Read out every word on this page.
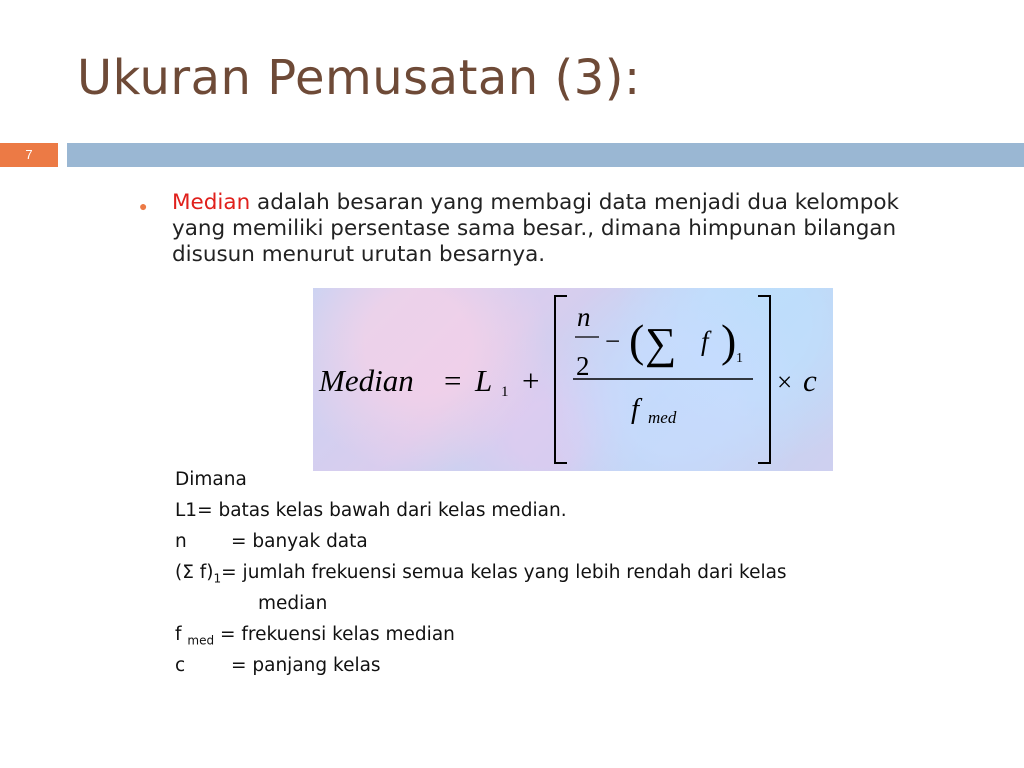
Ukuran Pemusatan (3):
7
● Median adalah besaran yang membagi data menjadi dua kelompok yang memiliki persentase sama besar., dimana himpunan bilangan disusun menurut urutan besarnya.
Median = L 1 +
n
2
− ( ∑ f ) 1
f med
× c
Dimana
L1= batas kelas bawah dari kelas median.
n = banyak data
(Σ $f)_1=$ jumlah frekuensi semua kelas yang lebih rendah dari kelas
median
f $_{med}$ = frekuensi kelas median
c = panjang kelas
